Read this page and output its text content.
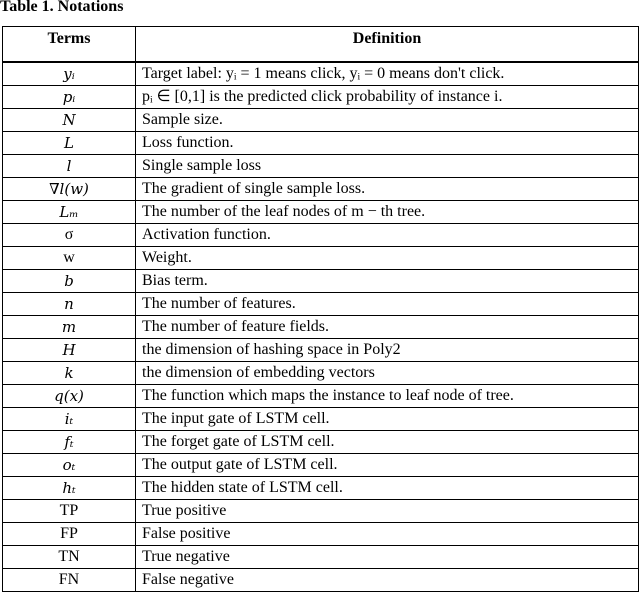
Table 1. Notations
Terms	Definition
yᵢ	Target label: yᵢ = 1 means click, yᵢ = 0 means don't click.
pᵢ	pᵢ ∈ [0,1] is the predicted click probability of instance i.
N	Sample size.
L	Loss function.
l	Single sample loss
∇l(w)	The gradient of single sample loss.
Lₘ	The number of the leaf nodes of m − th tree.
σ	Activation function.
w	Weight.
b	Bias term.
n	The number of features.
m	The number of feature fields.
H	the dimension of hashing space in Poly2
k	the dimension of embedding vectors
q(x)	The function which maps the instance to leaf node of tree.
iₜ	The input gate of LSTM cell.
fₜ	The forget gate of LSTM cell.
oₜ	The output gate of LSTM cell.
hₜ	The hidden state of LSTM cell.
TP	True positive
FP	False positive
TN	True negative
FN	False negative
